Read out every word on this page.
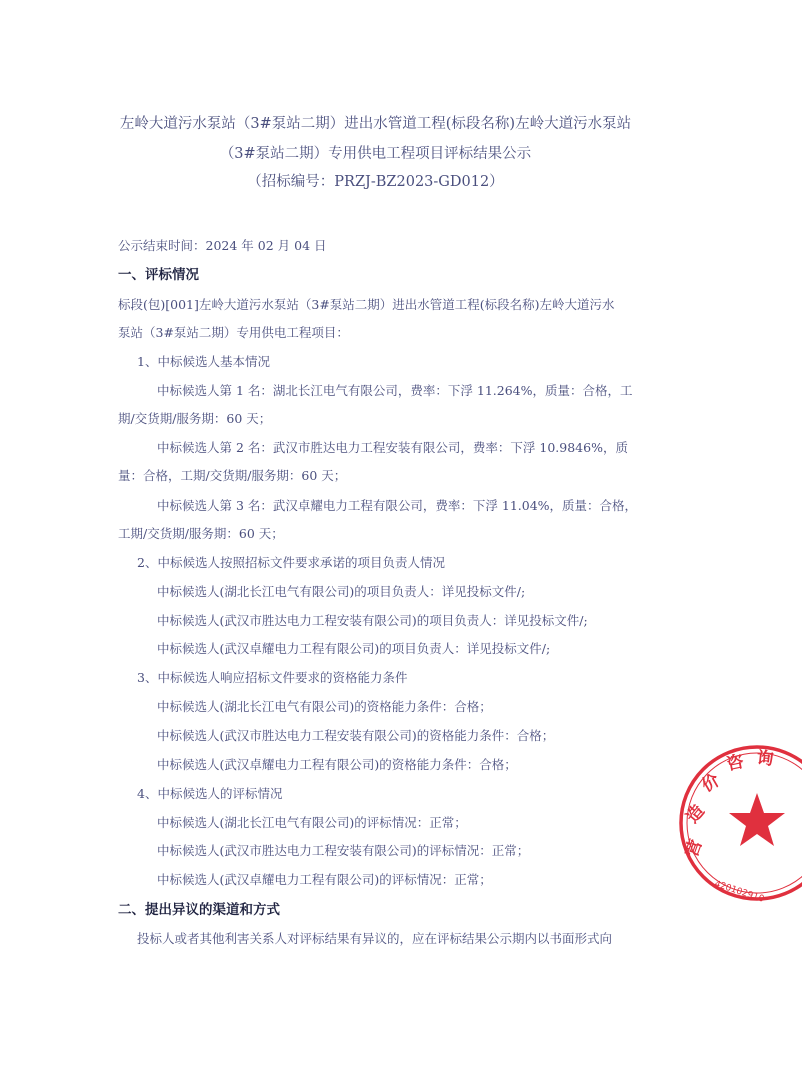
左岭大道污水泵站（3#泵站二期）进出水管道工程(标段名称)左岭大道污水泵站
（3#泵站二期）专用供电工程项目评标结果公示
（招标编号：PRZJ-BZ2023-GD012）
公示结束时间：2024 年 02 月 04 日
一、评标情况
标段(包)[001]左岭大道污水泵站（3#泵站二期）进出水管道工程(标段名称)左岭大道污水
泵站（3#泵站二期）专用供电工程项目：
1、中标候选人基本情况
中标候选人第 1 名：湖北长江电气有限公司，费率：下浮 11.264%，质量：合格，工
期/交货期/服务期：60 天；
中标候选人第 2 名：武汉市胜达电力工程安装有限公司，费率：下浮 10.9846%，质
量：合格，工期/交货期/服务期：60 天；
中标候选人第 3 名：武汉卓耀电力工程有限公司，费率：下浮 11.04%，质量：合格，
工期/交货期/服务期：60 天；
2、中标候选人按照招标文件要求承诺的项目负责人情况
中标候选人(湖北长江电气有限公司)的项目负责人：详见投标文件/;
中标候选人(武汉市胜达电力工程安装有限公司)的项目负责人：详见投标文件/;
中标候选人(武汉卓耀电力工程有限公司)的项目负责人：详见投标文件/;
3、中标候选人响应招标文件要求的资格能力条件
中标候选人(湖北长江电气有限公司)的资格能力条件：合格；
中标候选人(武汉市胜达电力工程安装有限公司)的资格能力条件：合格；
中标候选人(武汉卓耀电力工程有限公司)的资格能力条件：合格；
4、中标候选人的评标情况
中标候选人(湖北长江电气有限公司)的评标情况：正常；
中标候选人(武汉市胜达电力工程安装有限公司)的评标情况：正常；
中标候选人(武汉卓耀电力工程有限公司)的评标情况：正常；
二、提出异议的渠道和方式
投标人或者其他利害关系人对评标结果有异议的，应在评标结果公示期内以书面形式向
营
造
价
咨 询
420102910
